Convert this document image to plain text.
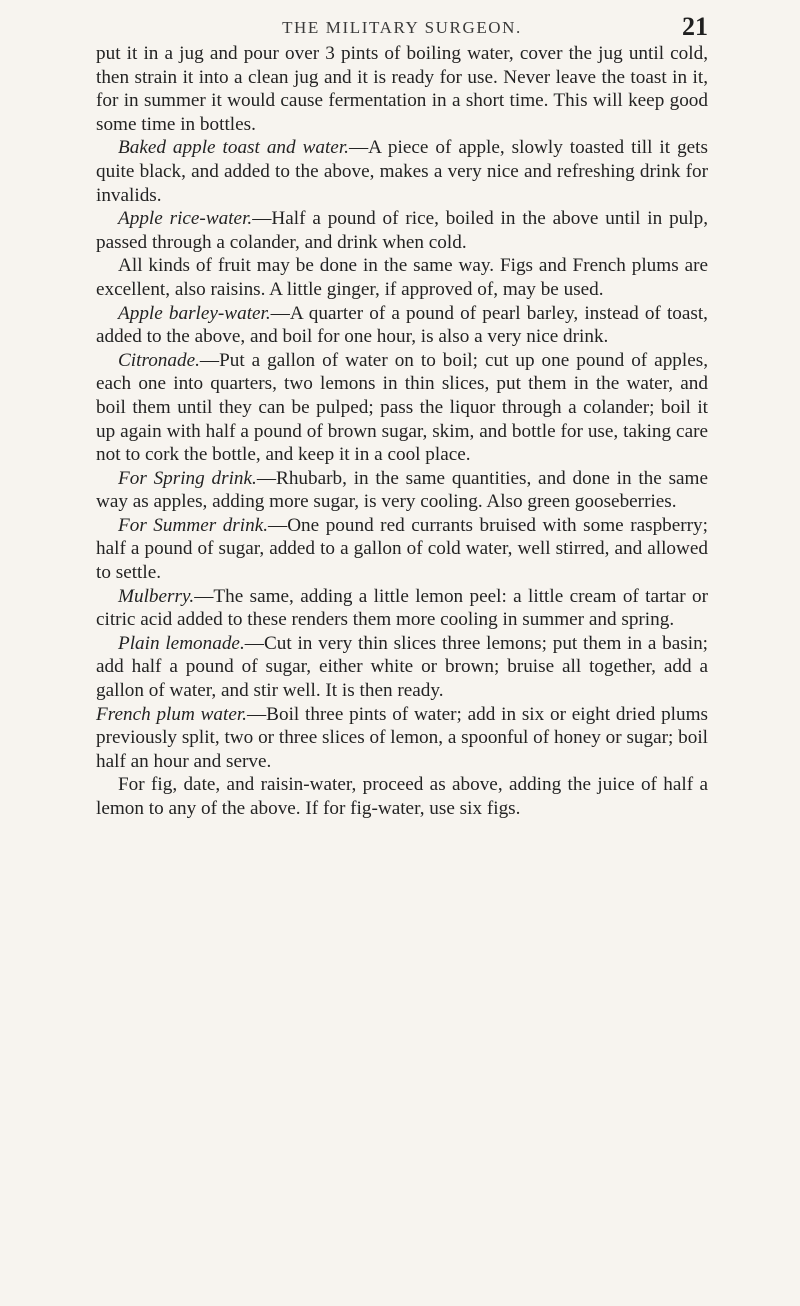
THE MILITARY SURGEON.	21

put it in a jug and pour over 3 pints of boiling water, cover the jug until cold, then strain it into a clean jug and it is ready for use. Never leave the toast in it, for in summer it would cause fermentation in a short time. This will keep good some time in bottles.

Baked apple toast and water.—A piece of apple, slowly toasted till it gets quite black, and added to the above, makes a very nice and refreshing drink for invalids.

Apple rice-water.—Half a pound of rice, boiled in the above until in pulp, passed through a colander, and drink when cold.

All kinds of fruit may be done in the same way. Figs and French plums are excellent, also raisins. A little ginger, if approved of, may be used.

Apple barley-water.—A quarter of a pound of pearl barley, instead of toast, added to the above, and boil for one hour, is also a very nice drink.

Citronade.—Put a gallon of water on to boil; cut up one pound of apples, each one into quarters, two lemons in thin slices, put them in the water, and boil them until they can be pulped; pass the liquor through a colander; boil it up again with half a pound of brown sugar, skim, and bottle for use, taking care not to cork the bottle, and keep it in a cool place.

For Spring drink.—Rhubarb, in the same quantities, and done in the same way as apples, adding more sugar, is very cooling. Also green gooseberries.

For Summer drink.—One pound red currants bruised with some raspberry; half a pound of sugar, added to a gallon of cold water, well stirred, and allowed to settle.

Mulberry.—The same, adding a little lemon peel: a little cream of tartar or citric acid added to these renders them more cooling in summer and spring.

Plain lemonade.—Cut in very thin slices three lemons; put them in a basin; add half a pound of sugar, either white or brown; bruise all together, add a gallon of water, and stir well. It is then ready.

French plum water.—Boil three pints of water; add in six or eight dried plums previously split, two or three slices of lemon, a spoonful of honey or sugar; boil half an hour and serve.

For fig, date, and raisin-water, proceed as above, adding the juice of half a lemon to any of the above. If for fig-water, use six figs.
